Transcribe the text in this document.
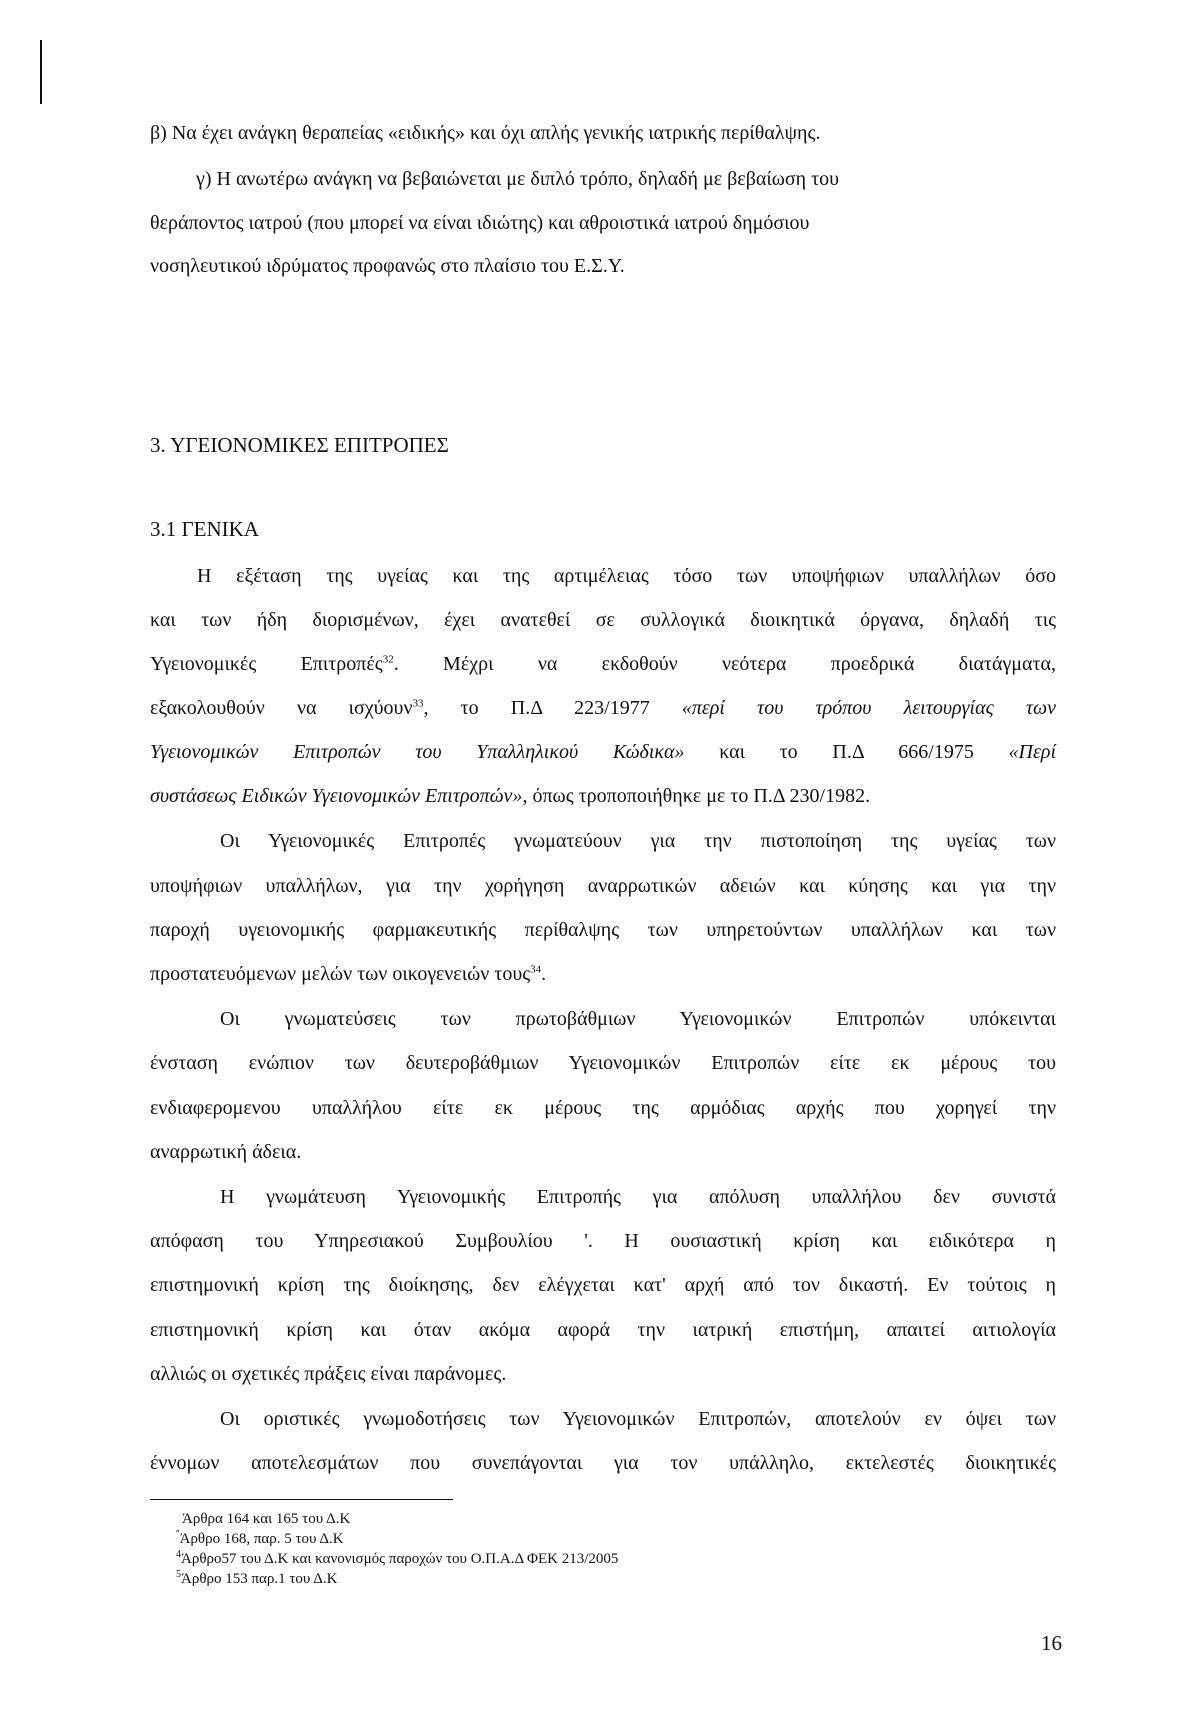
β) Να έχει ανάγκη θεραπείας «ειδικής» και όχι απλής γενικής ιατρικής περίθαλψης.
γ) Η ανωτέρω ανάγκη να βεβαιώνεται με διπλό τρόπο, δηλαδή με βεβαίωση του
θεράποντος ιατρού (που μπορεί να είναι ιδιώτης) και αθροιστικά ιατρού δημόσιου
νοσηλευτικού ιδρύματος προφανώς στο πλαίσιο του Ε.Σ.Υ.
3. ΥΓΕΙΟΝΟΜΙΚΕΣ ΕΠΙΤΡΟΠΕΣ
3.1 ΓΕΝΙΚΑ
Η εξέταση της υγείας και της αρτιμέλειας τόσο των υποψήφιων υπαλλήλων όσο
και των ήδη διορισμένων, έχει ανατεθεί σε συλλογικά διοικητικά όργανα, δηλαδή τις
Υγειονομικές Επιτροπές$^{32}$. Μέχρι να εκδοθούν νεότερα προεδρικά διατάγματα,
εξακολουθούν να ισχύουν$^{33}$, το Π.Δ 223/1977 «περί του τρόπου λειτουργίας των
Υγειονομικών Επιτροπών του Υπαλληλικού Κώδικα» και το Π.Δ 666/1975 «Περί
συστάσεως Ειδικών Υγειονομικών Επιτροπών», όπως τροποποιήθηκε με το Π.Δ 230/1982.
Οι Υγειονομικές Επιτροπές γνωματεύουν για την πιστοποίηση της υγείας των
υποψήφιων υπαλλήλων, για την χορήγηση αναρρωτικών αδειών και κύησης και για την
παροχή υγειονομικής φαρμακευτικής περίθαλψης των υπηρετούντων υπαλλήλων και των
προστατευόμενων μελών των οικογενειών τους$^{34}$.
Οι γνωματεύσεις των πρωτοβάθμιων Υγειονομικών Επιτροπών υπόκεινται
ένσταση ενώπιον των δευτεροβάθμιων Υγειονομικών Επιτροπών είτε εκ μέρους του
ενδιαφερομενου υπαλλήλου είτε εκ μέρους της αρμόδιας αρχής που χορηγεί την
αναρρωτική άδεια.
Η γνωμάτευση Υγειονομικής Επιτροπής για απόλυση υπαλλήλου δεν συνιστά
απόφαση του Υπηρεσιακού Συμβουλίου '. Η ουσιαστική κρίση και ειδικότερα η
επιστημονική κρίση της διοίκησης, δεν ελέγχεται κατ' αρχή από τον δικαστή. Εν τούτοις η
επιστημονική κρίση και όταν ακόμα αφορά την ιατρική επιστήμη, απαιτεί αιτιολογία
αλλιώς οι σχετικές πράξεις είναι παράνομες.
Οι οριστικές γνωμοδοτήσεις των Υγειονομικών Επιτροπών, αποτελούν εν όψει των
έννομων αποτελεσμάτων που συνεπάγονται για τον υπάλληλο, εκτελεστές διοικητικές
Άρθρα 164 και 165 του Δ.Κ
''Άρθρο 168, παρ. 5 του Δ.Κ
$^4$Άρθρο57 του Δ.Κ και κανονισμός παροχών του Ο.Π.Α.Δ ΦΕΚ 213/2005
$^5$Άρθρο 153 παρ.1 του Δ.Κ
16
